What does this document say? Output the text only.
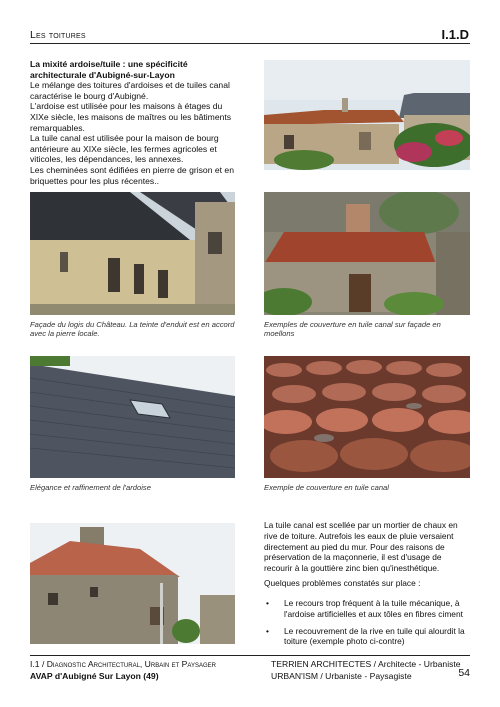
Les toitures	I.1.D
La mixité ardoise/tuile : une spécificité architecturale d'Aubigné-sur-Layon
Le mélange des toitures d'ardoises et de tuiles canal caractérise le bourg d'Aubigné.
L'ardoise est utilisée pour les maisons à étages du XIXe siècle, les maisons de maîtres ou les bâtiments remarquables.
La tuile canal est utilisée pour la maison de bourg antérieure au XIXe siècle, les fermes agricoles et viticoles, les dépendances, les annexes.
Les cheminées sont édifiées en pierre de grison et en briquettes pour les plus récentes..
Façade du logis du Château. La teinte d'enduit est en accord avec la pierre locale.
Exemples de couverture en tuile canal sur façade en moellons
Elégance et raffinement de l'ardoise	Exemple de couverture en tuile canal
La tuile canal est scellée par un mortier de chaux en rive de toiture. Autrefois les eaux de pluie versaient directement au pied du mur. Pour des raisons de préservation de la maçonnerie, il est d'usage de recourir à la gouttière zinc bien qu'inesthétique.
Quelques problèmes constatés sur place :
• Le recours trop fréquent à la tuile mécanique, à l'ardoise artificielles et aux tôles en fibres ciment
• Le recouvrement de la rive en tuile qui alourdit la toiture (exemple photo ci-contre)
I.1 / Diagnostic Architectural, Urbain et Paysager
AVAP d'Aubigné Sur Layon (49)
TERRIEN ARCHITECTES / Architecte - Urbaniste
URBAN'ISM / Urbaniste - Paysagiste	54
